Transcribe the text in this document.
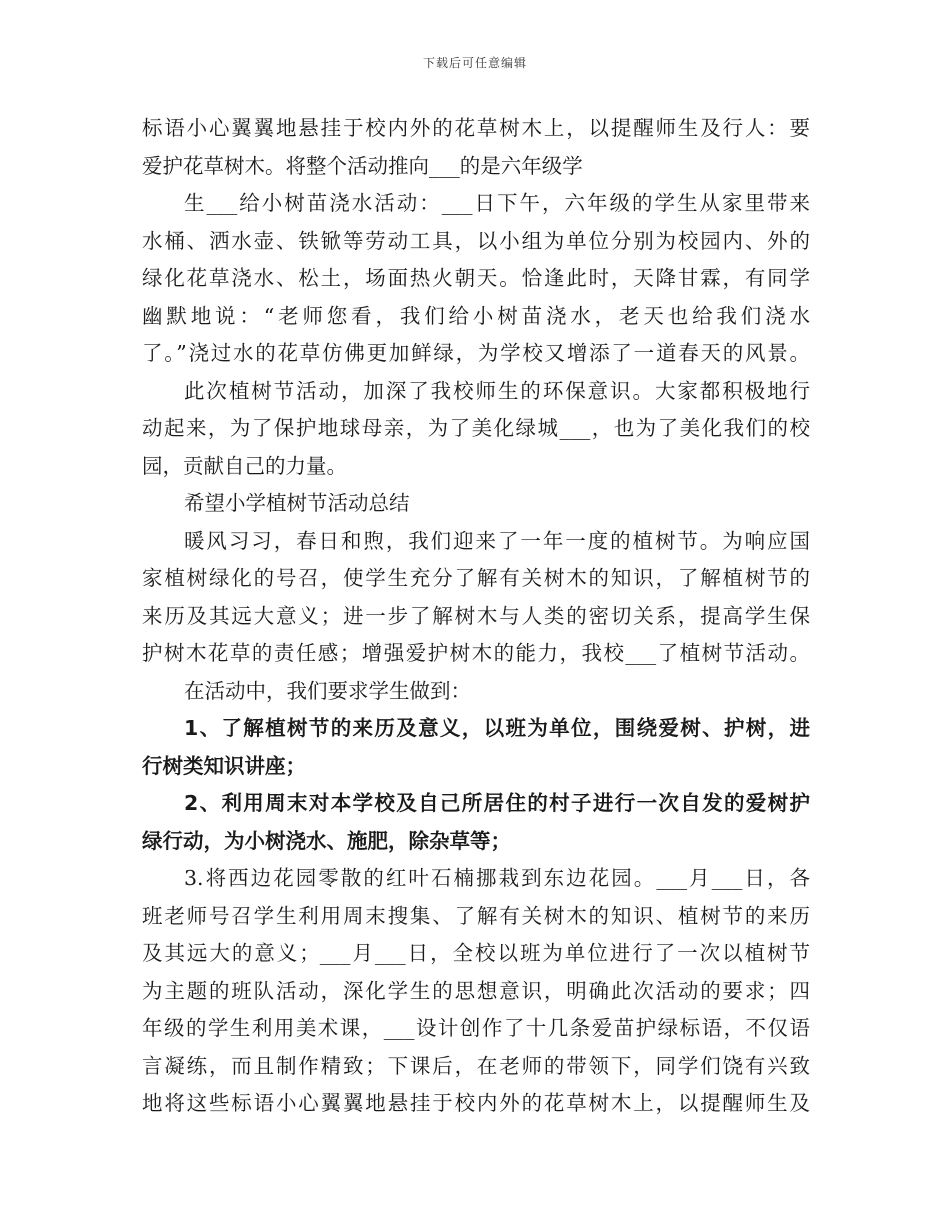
下载后可任意编辑
标语小心翼翼地悬挂于校内外的花草树木上，以提醒师生及行人：要
爱护花草树木。将整个活动推向___的是六年级学
生___给小树苗浇水活动：___日下午，六年级的学生从家里带来
水桶、洒水壶、铁锨等劳动工具，以小组为单位分别为校园内、外的
绿化花草浇水、松土，场面热火朝天。恰逢此时，天降甘霖，有同学
幽默地说：“老师您看，我们给小树苗浇水，老天也给我们浇水
了。”浇过水的花草仿佛更加鲜绿，为学校又增添了一道春天的风景。
此次植树节活动，加深了我校师生的环保意识。大家都积极地行
动起来，为了保护地球母亲，为了美化绿城___，也为了美化我们的校
园，贡献自己的力量。
希望小学植树节活动总结
暖风习习，春日和煦，我们迎来了一年一度的植树节。为响应国
家植树绿化的号召，使学生充分了解有关树木的知识，了解植树节的
来历及其远大意义；进一步了解树木与人类的密切关系，提高学生保
护树木花草的责任感；增强爱护树木的能力，我校___了植树节活动。
在活动中，我们要求学生做到：
1、了解植树节的来历及意义，以班为单位，围绕爱树、护树，进
行树类知识讲座；
2、利用周末对本学校及自己所居住的村子进行一次自发的爱树护
绿行动，为小树浇水、施肥，除杂草等；
3.将西边花园零散的红叶石楠挪栽到东边花园。___月___日，各
班老师号召学生利用周末搜集、了解有关树木的知识、植树节的来历
及其远大的意义；___月___日，全校以班为单位进行了一次以植树节
为主题的班队活动，深化学生的思想意识，明确此次活动的要求；四
年级的学生利用美术课，___设计创作了十几条爱苗护绿标语，不仅语
言凝练，而且制作精致；下课后，在老师的带领下，同学们饶有兴致
地将这些标语小心翼翼地悬挂于校内外的花草树木上，以提醒师生及
